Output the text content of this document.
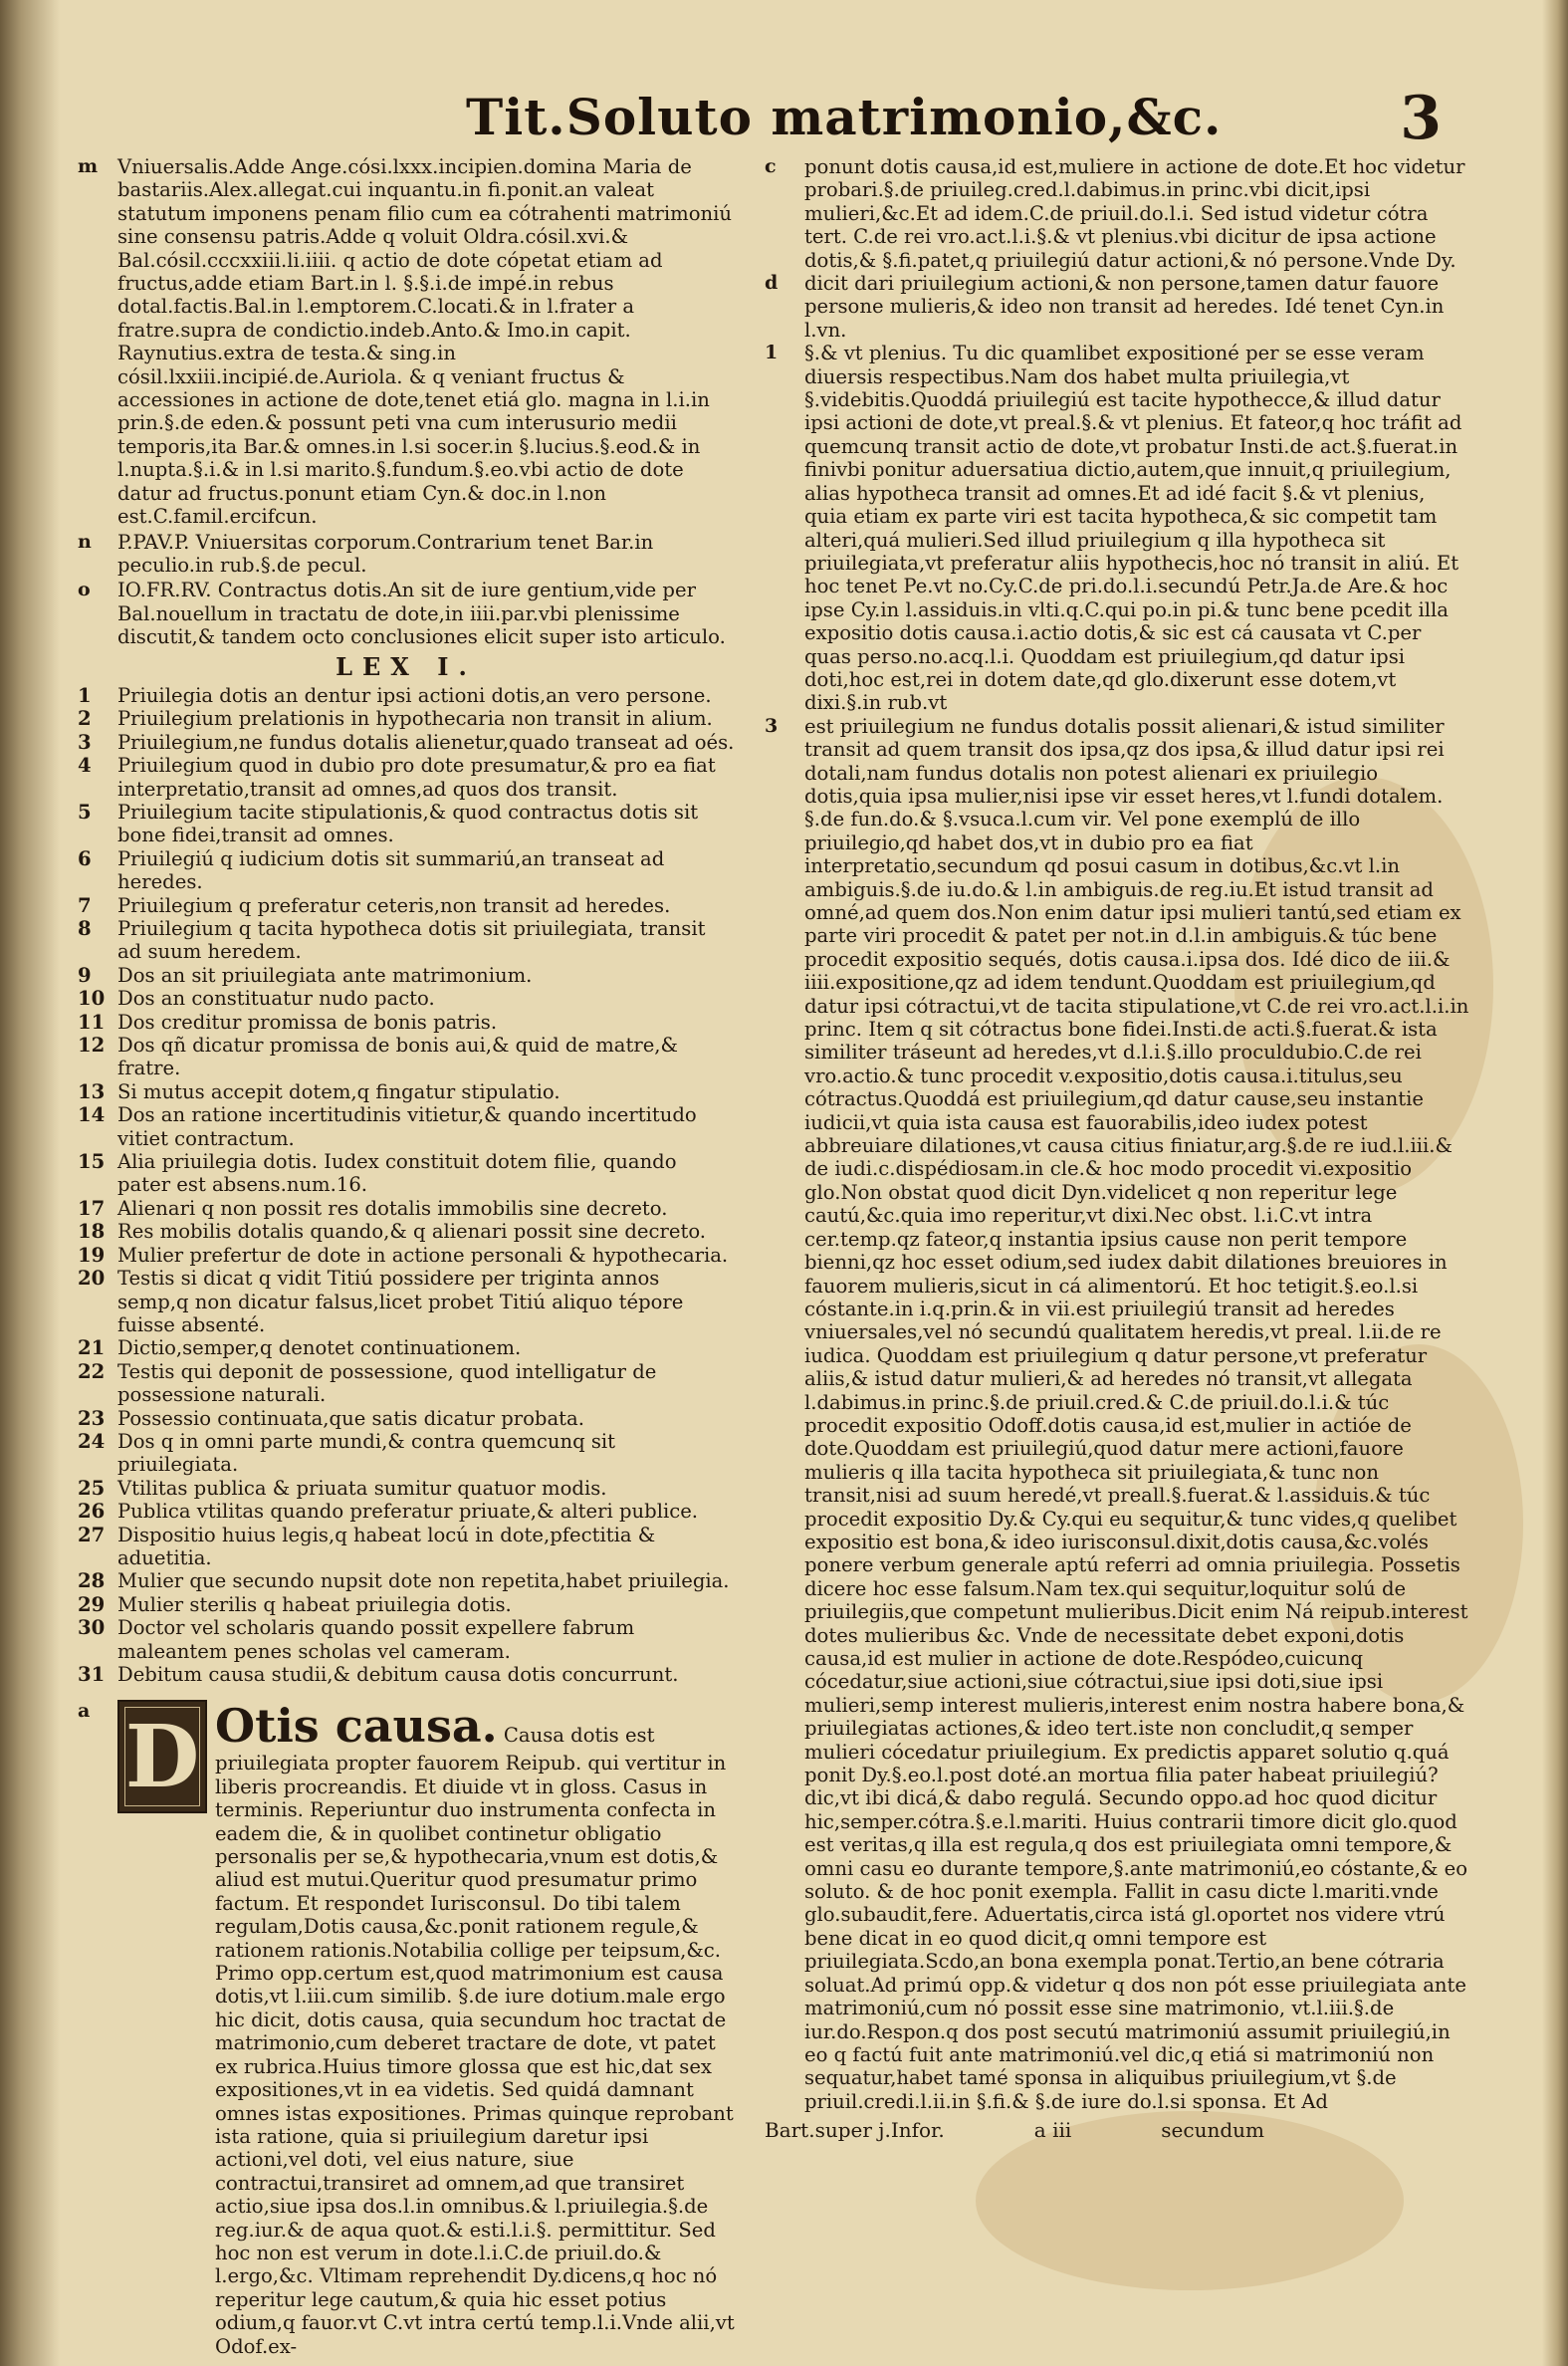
Tit.Soluto matrimonio,&c.	3
m	Vniuersalis.Adde Ange.cósi.lxxx.incipien.domina Maria de bastariis.Alex.allegat.cui inquantu.in fi.ponit.an valeat statutum imponens penam filio cum ea cótrahenti matrimoniú sine consensu patris.Adde q voluit Oldra.cósil.xvi.& Bal.cósil.cccxxiii.li.iiii. q actio de dote cópetat etiam ad fructus,adde etiam Bart.in l. §.§.i.de impé.in rebus dotal.factis.Bal.in l.emptorem.C.locati.& in l.frater a fratre.supra de condictio.indeb.Anto.& Imo.in capit. Raynutius.extra de testa.& sing.in cósil.lxxiii.incipié.de.Auriola. & q veniant fructus & accessiones in actione de dote,tenet etiá glo. magna in l.i.in prin.§.de eden.& possunt peti vna cum interusurio medii temporis,ita Bar.& omnes.in l.si socer.in §.lucius.§.eod.& in l.nupta.§.i.& in l.si marito.§.fundum.§.eo.vbi actio de dote datur ad fructus.ponunt etiam Cyn.& doc.in l.non est.C.famil.ercifcun.
n	P.PAV.P. Vniuersitas corporum.Contrarium tenet Bar.in peculio.in rub.§.de pecul.
o	IO.FR.RV. Contractus dotis.An sit de iure gentium,vide per Bal.nouellum in tractatu de dote,in iiii.par.vbi plenissime discutit,& tandem octo conclusiones elicit super isto articulo.
LEX I.
1	Priuilegia dotis an dentur ipsi actioni dotis,an vero persone.
2	Priuilegium prelationis in hypothecaria non transit in alium.
3	Priuilegium,ne fundus dotalis alienetur,quado transeat ad oés.
4	Priuilegium quod in dubio pro dote presumatur,& pro ea fiat interpretatio,transit ad omnes,ad quos dos transit.
5	Priuilegium tacite stipulationis,& quod contractus dotis sit bone fidei,transit ad omnes.
6	Priuilegiú q iudicium dotis sit summariú,an transeat ad heredes.
7	Priuilegium q preferatur ceteris,non transit ad heredes.
8	Priuilegium q tacita hypotheca dotis sit priuilegiata, transit ad suum heredem.
9	Dos an sit priuilegiata ante matrimonium.
10 Dos an constituatur nudo pacto.
11 Dos creditur promissa de bonis patris.
12 Dos qñ dicatur promissa de bonis aui,& quid de matre,& fratre.
13 Si mutus accepit dotem,q fingatur stipulatio.
14 Dos an ratione incertitudinis vitietur,& quando incertitudo vitiet contractum.
15 Alia priuilegia dotis. Iudex constituit dotem filie, quando pater est absens.num.16.
17 Alienari q non possit res dotalis immobilis sine decreto.
18 Res mobilis dotalis quando,& q alienari possit sine decreto.
19 Mulier prefertur de dote in actione personali & hypothecaria.
20 Testis si dicat q vidit Titiú possidere per triginta annos semp,q non dicatur falsus,licet probet Titiú aliquo tépore fuisse absenté.
21 Dictio,semper,q denotet continuationem.
22 Testis qui deponit de possessione, quod intelligatur de possessione naturali.
23 Possessio continuata,que satis dicatur probata.
24 Dos q in omni parte mundi,& contra quemcunq sit priuilegiata.
25 Vtilitas publica & priuata sumitur quatuor modis.
26 Publica vtilitas quando preferatur priuate,& alteri publice.
27 Dispositio huius legis,q habeat locú in dote,pfectitia & aduetitia.
28 Mulier que secundo nupsit dote non repetita,habet priuilegia.
29 Mulier sterilis q habeat priuilegia dotis.
30 Doctor vel scholaris quando possit expellere fabrum maleantem penes scholas vel cameram.
31 Debitum causa studii,& debitum causa dotis concurrunt.
a D Otis causa. Causa dotis est priuilegiata propter fauorem Reipub. qui vertitur in liberis procreandis. Et diuide vt in gloss. Casus in terminis. Reperiuntur duo instrumenta confecta in eadem die, & in quolibet continetur obligatio personalis per se,& hypothecaria,vnum est dotis,& aliud est mutui.Queritur quod presumatur primo factum. Et respondet Iurisconsul. Do tibi talem regulam,Dotis causa,&c.ponit rationem regule,& rationem rationis.Notabilia collige per teipsum,&c. Primo opp.certum est,quod matrimonium est causa dotis,vt l.iii.cum similib. §.de iure dotium.male ergo hic dicit, dotis causa, quia secundum hoc tractat de matrimonio,cum deberet tractare de dote, vt patet ex rubrica.Huius timore glossa que est hic,dat sex expositiones,vt in ea videtis. Sed quidá damnant omnes istas expositiones. Primas quinque reprobant ista ratione, quia si priuilegium daretur ipsi actioni,vel doti, vel eius nature, siue contractui,transiret ad omnem,ad que transiret actio,siue ipsa dos.l.in omnibus.& l.priuilegia.§.de reg.iur.& de aqua quot.& esti.l.i.§. permittitur. Sed hoc non est verum in dote.l.i.C.de priuil.do.& l.ergo,&c. Vltimam reprehendit Dy.dicens,q hoc nó reperitur lege cautum,& quia hic esset potius odium,q fauor.vt C.vt intra certú temp.l.i.Vnde alii,vt Odof.ex-
c	ponunt dotis causa,id est,muliere in actione de dote.Et hoc videtur probari.§.de priuileg.cred.l.dabimus.in princ.vbi dicit,ipsi mulieri,&c.Et ad idem.C.de priuil.do.l.i. Sed istud videtur cótra tert. C.de rei vro.act.l.i.§.& vt plenius.vbi dicitur de ipsa actione dotis,& §.fi.patet,q priuilegiú datur actioni,& nó persone.Vnde Dy.
d	dicit dari priuilegium actioni,& non persone,tamen datur fauore persone mulieris,& ideo non transit ad heredes. Idé tenet Cyn.in l.vn.
1	§.& vt plenius. Tu dic quamlibet expositioné per se esse veram diuersis respectibus.Nam dos habet multa priuilegia,vt §.videbitis.Quoddá priuilegiú est tacite hypothecce,& illud datur ipsi actioni de dote,vt preal.§.& vt plenius. Et fateor,q hoc tráfit ad quemcunq transit actio de dote,vt probatur Insti.de act.§.fuerat.in finivbi ponitur aduersatiua dictio,autem,que innuit,q priuilegium, alias hypotheca transit ad omnes.Et ad idé facit §.& vt plenius, quia etiam ex parte viri est tacita hypotheca,& sic competit tam alteri,quá mulieri.Sed illud priuilegium q illa hypotheca sit priuilegiata,vt preferatur aliis hypothecis,hoc nó transit in aliú. Et hoc tenet Pe.vt no.Cy.C.de pri.do.l.i.secundú Petr.Ja.de Are.& hoc ipse Cy.in l.assiduis.in vlti.q.C.qui po.in pi.& tunc bene pcedit illa expositio dotis causa.i.actio dotis,& sic est cá causata vt C.per quas perso.no.acq.l.i. Quoddam est priuilegium,qd datur ipsi doti,hoc est,rei in dotem date,qd glo.dixerunt esse dotem,vt dixi.§.in rub.vt
3	est priuilegium ne fundus dotalis possit alienari,& istud similiter transit ad quem transit dos ipsa,qz dos ipsa,& illud datur ipsi rei dotali,nam fundus dotalis non potest alienari ex priuilegio dotis,quia ipsa mulier,nisi ipse vir esset heres,vt l.fundi dotalem. §.de fun.do.& §.vsuca.l.cum vir. Vel pone exemplú de illo priuilegio,qd habet dos,vt in dubio pro ea fiat interpretatio,secundum qd posui casum in dotibus,&c.vt l.in ambiguis.§.de iu.do.& l.in ambiguis.de reg.iu.Et istud transit ad omné,ad quem dos.Non enim datur ipsi mulieri tantú,sed etiam ex parte viri procedit & patet per not.in d.l.in ambiguis.& túc bene procedit expositio sequés, dotis causa.i.ipsa dos. Idé dico de iii.& iiii.expositione,qz ad idem tendunt.Quoddam est priuilegium,qd datur ipsi cótractui,vt de tacita stipulatione,vt C.de rei vro.act.l.i.in princ. Item q sit cótractus bone fidei.Insti.de acti.§.fuerat.& ista similiter tráseunt ad heredes,vt d.l.i.§.illo proculdubio.C.de rei vro.actio.& tunc procedit v.expositio,dotis causa.i.titulus,seu cótractus.Quoddá est priuilegium,qd datur cause,seu instantie iudicii,vt quia ista causa est fauorabilis,ideo iudex potest abbreuiare dilationes,vt causa citius finiatur,arg.§.de re iud.l.iii.& de iudi.c.dispédiosam.in cle.& hoc modo procedit vi.expositio glo.Non obstat quod dicit Dyn.videlicet q non reperitur lege cautú,&c.quia imo reperitur,vt dixi.Nec obst. l.i.C.vt intra cer.temp.qz fateor,q instantia ipsius cause non perit tempore bienni,qz hoc esset odium,sed iudex dabit dilationes breuiores in fauorem mulieris,sicut in cá alimentorú. Et hoc tetigit.§.eo.l.si cóstante.in i.q.prin.& in vii.est priuilegiú transit ad heredes vniuersales,vel nó secundú qualitatem heredis,vt preal. l.ii.de re iudica. Quoddam est priuilegium q datur persone,vt preferatur aliis,& istud datur mulieri,& ad heredes nó transit,vt allegata l.dabimus.in princ.§.de priuil.cred.& C.de priuil.do.l.i.& túc procedit expositio Odoff.dotis causa,id est,mulier in actióe de dote.Quoddam est priuilegiú,quod datur mere actioni,fauore mulieris q illa tacita hypotheca sit priuilegiata,& tunc non transit,nisi ad suum heredé,vt preall.§.fuerat.& l.assiduis.& túc procedit expositio Dy.& Cy.qui eu sequitur,& tunc vides,q quelibet expositio est bona,& ideo iurisconsul.dixit,dotis causa,&c.volés ponere verbum generale aptú referri ad omnia priuilegia. Possetis dicere hoc esse falsum.Nam tex.qui sequitur,loquitur solú de priuilegiis,que competunt mulieribus.Dicit enim Ná reipub.interest dotes mulieribus &c. Vnde de necessitate debet exponi,dotis causa,id est mulier in actione de dote.Respódeo,cuicunq cócedatur,siue actioni,siue cótractui,siue ipsi doti,siue ipsi mulieri,semp interest mulieris,interest enim nostra habere bona,& priuilegiatas actiones,& ideo tert.iste non concludit,q semper mulieri cócedatur priuilegium. Ex predictis apparet solutio q.quá ponit Dy.§.eo.l.post doté.an mortua filia pater habeat priuilegiú? dic,vt ibi dicá,& dabo regulá. Secundo oppo.ad hoc quod dicitur hic,semper.cótra.§.e.l.mariti. Huius contrarii timore dicit glo.quod est veritas,q illa est regula,q dos est priuilegiata omni tempore,& omni casu eo durante tempore,§.ante matrimoniú,eo cóstante,& eo soluto. & de hoc ponit exempla. Fallit in casu dicte l.mariti.vnde glo.subaudit,fere. Aduertatis,circa istá gl.oportet nos videre vtrú bene dicat in eo quod dicit,q omni tempore est priuilegiata.Scdo,an bona exempla ponat.Tertio,an bene cótraria soluat.Ad primú opp.& videtur q dos non pót esse priuilegiata ante matrimoniú,cum nó possit esse sine matrimonio, vt.l.iii.§.de iur.do.Respon.q dos post secutú matrimoniú assumit priuilegiú,in eo q factú fuit ante matrimoniú.vel dic,q etiá si matrimoniú non sequatur,habet tamé sponsa in aliquibus priuilegium,vt §.de priuil.credi.l.ii.in §.fi.& §.de iure do.l.si sponsa. Et Ad
Bart.super j.Infor.	a iii	secundum
